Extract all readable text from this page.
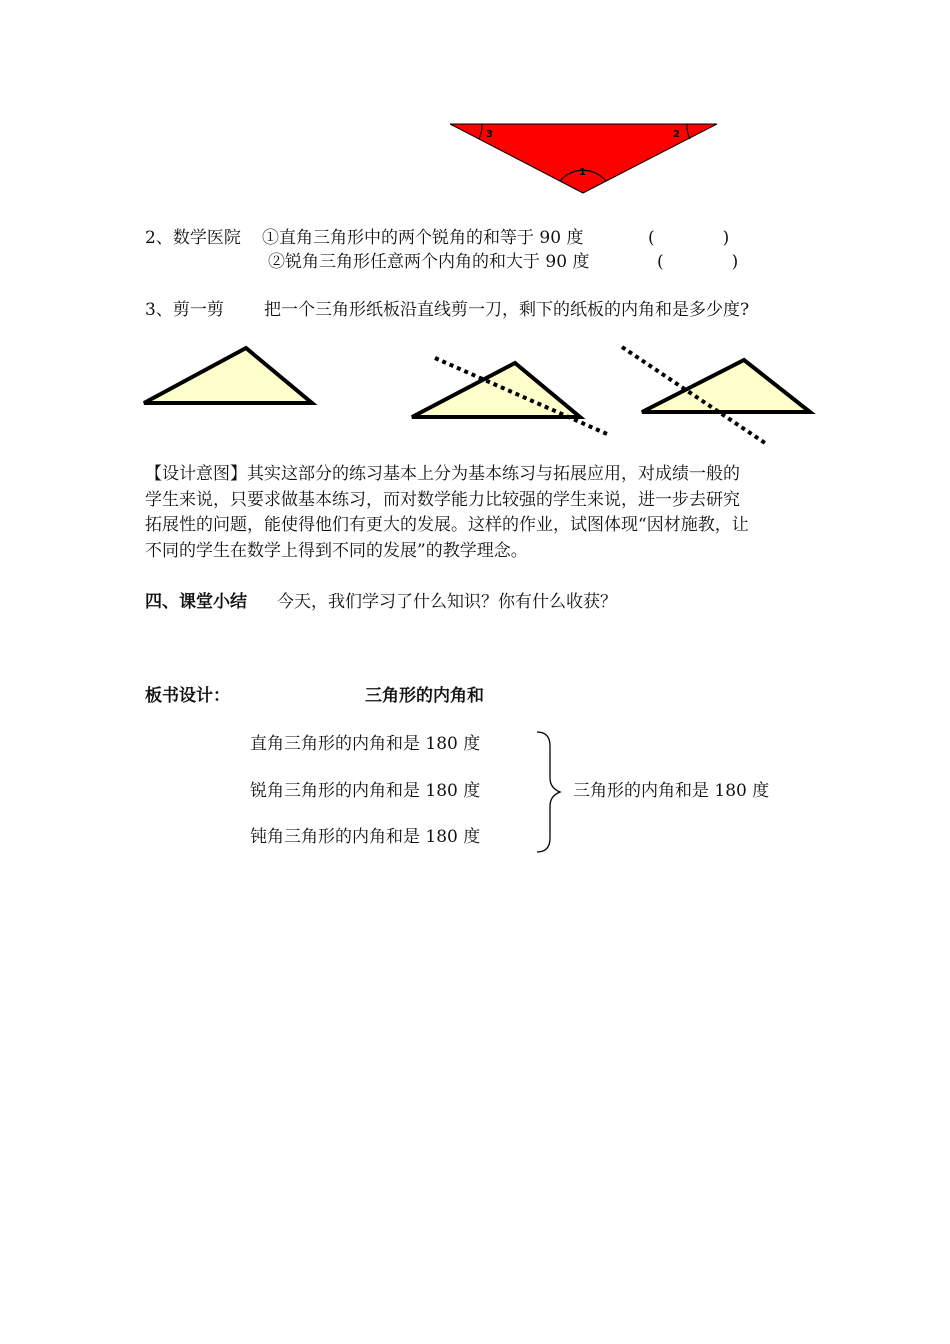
3	2
1
2、数学医院 ①直角三角形中的两个锐角的和等于 90 度	(　　　　)
②锐角三角形任意两个内角的和大于 90 度	(　　　　)
3、剪一剪 把一个三角形纸板沿直线剪一刀，剩下的纸板的内角和是多少度?
【设计意图】其实这部分的练习基本上分为基本练习与拓展应用，对成绩一般的
学生来说，只要求做基本练习，而对数学能力比较强的学生来说，进一步去研究
拓展性的问题，能使得他们有更大的发展。这样的作业，试图体现“因材施教，让
不同的学生在数学上得到不同的发展”的教学理念。
四、课堂小结 今天，我们学习了什么知识？你有什么收获？
板书设计：	三角形的内角和
直角三角形的内角和是 180 度
锐角三角形的内角和是 180 度
钝角三角形的内角和是 180 度
三角形的内角和是 180 度
